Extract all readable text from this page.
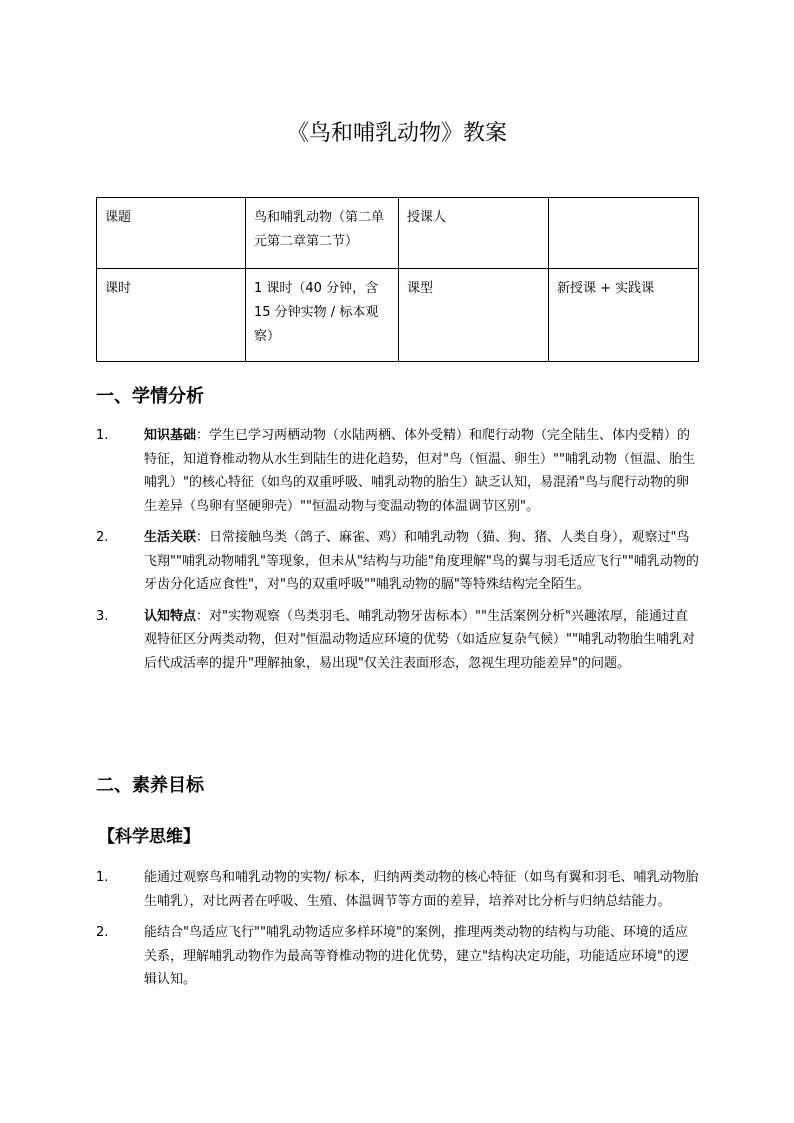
《鸟和哺乳动物》教案
课题	鸟和哺乳动物（第二单元第二章第二节）	授课人	
课时	1 课时（40 分钟，含 15 分钟实物 / 标本观察）	课型	新授课 + 实践课
一、学情分析
1.	知识基础：学生已学习两栖动物（水陆两栖、体外受精）和爬行动物（完全陆生、体内受精）的特征，知道脊椎动物从水生到陆生的进化趋势，但对"鸟（恒温、卵生）""哺乳动物（恒温、胎生哺乳）"的核心特征（如鸟的双重呼吸、哺乳动物的胎生）缺乏认知，易混淆"鸟与爬行动物的卵生差异（鸟卵有坚硬卵壳）""恒温动物与变温动物的体温调节区别"。
2.	生活关联：日常接触鸟类（鸽子、麻雀、鸡）和哺乳动物（猫、狗、猪、人类自身），观察过"鸟飞翔""哺乳动物哺乳"等现象，但未从"结构与功能"角度理解"鸟的翼与羽毛适应飞行""哺乳动物的牙齿分化适应食性"，对"鸟的双重呼吸""哺乳动物的膈"等特殊结构完全陌生。
3.	认知特点：对"实物观察（鸟类羽毛、哺乳动物牙齿标本）""生活案例分析"兴趣浓厚，能通过直观特征区分两类动物，但对"恒温动物适应环境的优势（如适应复杂气候）""哺乳动物胎生哺乳对后代成活率的提升"理解抽象，易出现"仅关注表面形态，忽视生理功能差异"的问题。
二、素养目标
【科学思维】
1.	能通过观察鸟和哺乳动物的实物/ 标本，归纳两类动物的核心特征（如鸟有翼和羽毛、哺乳动物胎生哺乳），对比两者在呼吸、生殖、体温调节等方面的差异，培养对比分析与归纳总结能力。
2.	能结合"鸟适应飞行""哺乳动物适应多样环境"的案例，推理两类动物的结构与功能、环境的适应关系，理解哺乳动物作为最高等脊椎动物的进化优势，建立"结构决定功能，功能适应环境"的逻辑认知。
